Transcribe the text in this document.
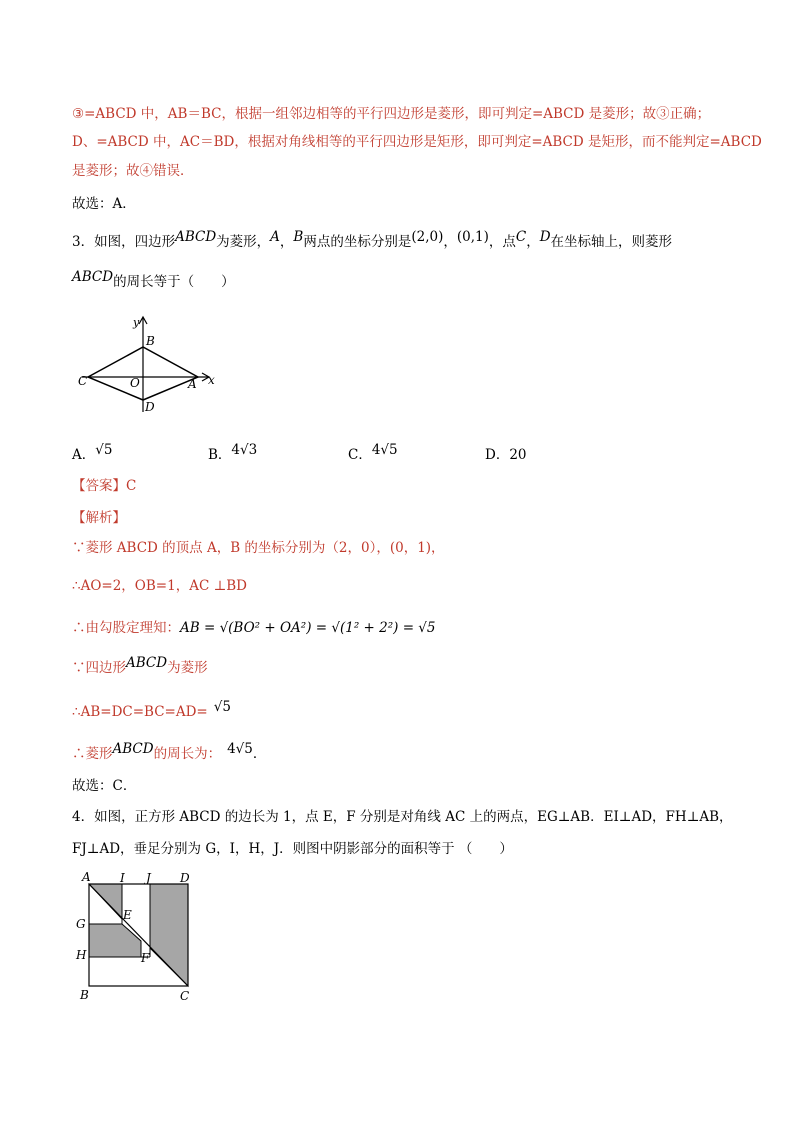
③=ABCD 中，AB＝BC，根据一组邻边相等的平行四边形是菱形，即可判定=ABCD 是菱形；故③正确；
D、=ABCD 中，AC＝BD，根据对角线相等的平行四边形是矩形，即可判定=ABCD 是矩形，而不能判定=ABCD
是菱形；故④错误．
故选：A．
3．如图，四边形ABCD为菱形，A，B两点的坐标分别是(2,0)，(0,1)，点C，D在坐标轴上，则菱形
ABCD的周长等于（　　）
y
B
C	O	A x
D
A．√5	B．4√3	C．4√5	D．20
【答案】C
【解析】
∵菱形 ABCD 的顶点 A，B 的坐标分别为（2，0），(0，1)，
∴AO=2，OB=1，AC ⊥BD
∴由勾股定理知：AB = √(BO² + OA²) = √(1² + 2²) = √5
∵四边形ABCD为菱形
∴AB=DC=BC=AD= √5
∴菱形ABCD的周长为： 4√5．
故选：C．
4．如图，正方形 ABCD 的边长为 1，点 E，F 分别是对角线 AC 上的两点，EG⊥AB．EI⊥AD，FH⊥AB，
FJ⊥AD，垂足分别为 G，I，H，J．则图中阴影部分的面积等于 （　　）
A I J D
G
E
H	F
B	C
